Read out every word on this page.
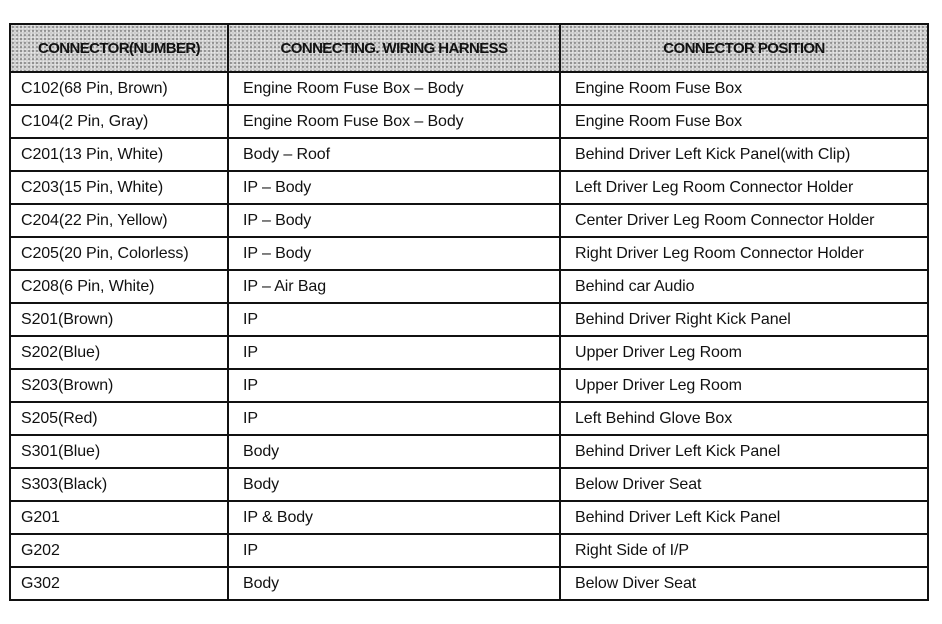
CONNECTOR(NUMBER)	CONNECTING. WIRING HARNESS	CONNECTOR POSITION
C102(68 Pin, Brown)	Engine Room Fuse Box – Body	Engine Room Fuse Box
C104(2 Pin, Gray)	Engine Room Fuse Box – Body	Engine Room Fuse Box
C201(13 Pin, White)	Body – Roof	Behind Driver Left Kick Panel(with Clip)
C203(15 Pin, White)	IP – Body	Left Driver Leg Room Connector Holder
C204(22 Pin, Yellow)	IP – Body	Center Driver Leg Room Connector Holder
C205(20 Pin, Colorless)	IP – Body	Right Driver Leg Room Connector Holder
C208(6 Pin, White)	IP – Air Bag	Behind car Audio
S201(Brown)	IP	Behind Driver Right Kick Panel
S202(Blue)	IP	Upper Driver Leg Room
S203(Brown)	IP	Upper Driver Leg Room
S205(Red)	IP	Left Behind Glove Box
S301(Blue)	Body	Behind Driver Left Kick Panel
S303(Black)	Body	Below Driver Seat
G201	IP & Body	Behind Driver Left Kick Panel
G202	IP	Right Side of I/P
G302	Body	Below Diver Seat
